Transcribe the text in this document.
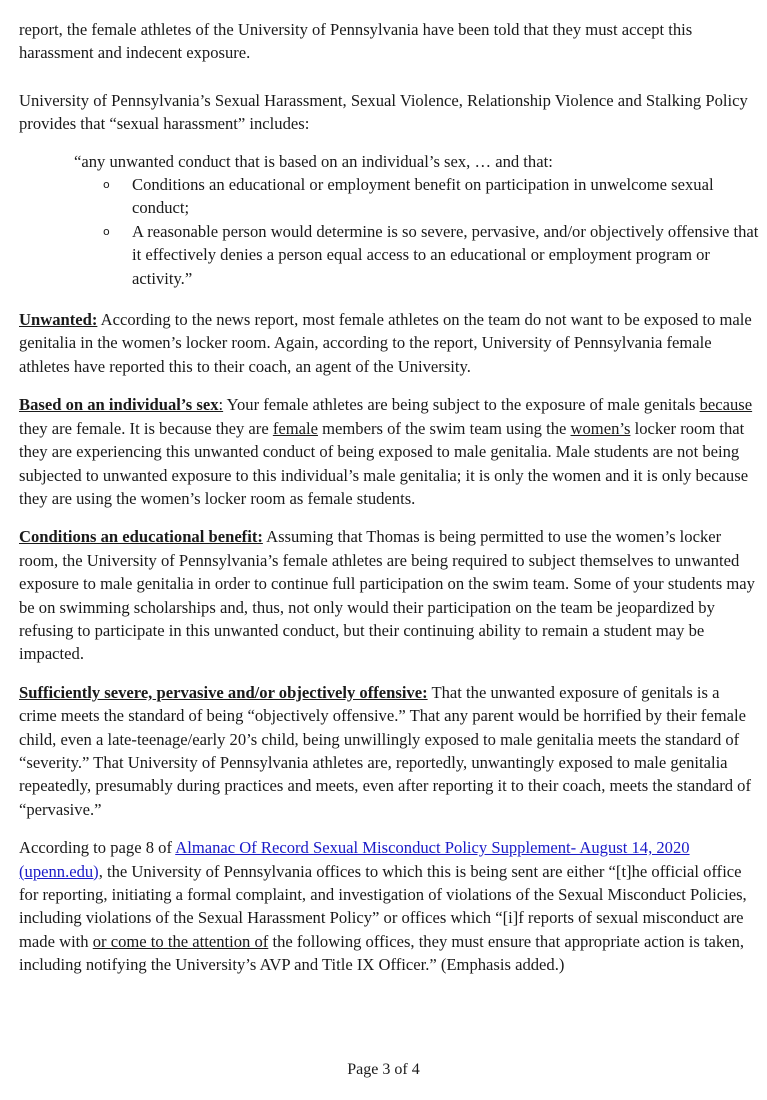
report, the female athletes of the University of Pennsylvania have been told that they must accept this harassment and indecent exposure.

University of Pennsylvania’s Sexual Harassment, Sexual Violence, Relationship Violence and Stalking Policy provides that “sexual harassment” includes:

“any unwanted conduct that is based on an individual’s sex, … and that:

o Conditions an educational or employment benefit on participation in unwelcome sexual conduct;
o A reasonable person would determine is so severe, pervasive, and/or objectively offensive that it effectively denies a person equal access to an educational or employment program or activity.”

Unwanted: According to the news report, most female athletes on the team do not want to be exposed to male genitalia in the women’s locker room. Again, according to the report, University of Pennsylvania female athletes have reported this to their coach, an agent of the University.

Based on an individual’s sex: Your female athletes are being subject to the exposure of male genitals because they are female. It is because they are female members of the swim team using the women’s locker room that they are experiencing this unwanted conduct of being exposed to male genitalia. Male students are not being subjected to unwanted exposure to this individual’s male genitalia; it is only the women and it is only because they are using the women’s locker room as female students.

Conditions an educational benefit: Assuming that Thomas is being permitted to use the women’s locker room, the University of Pennsylvania’s female athletes are being required to subject themselves to unwanted exposure to male genitalia in order to continue full participation on the swim team. Some of your students may be on swimming scholarships and, thus, not only would their participation on the team be jeopardized by refusing to participate in this unwanted conduct, but their continuing ability to remain a student may be impacted.

Sufficiently severe, pervasive and/or objectively offensive: That the unwanted exposure of genitals is a crime meets the standard of being “objectively offensive.” That any parent would be horrified by their female child, even a late-teenage/early 20’s child, being unwillingly exposed to male genitalia meets the standard of “severity.” That University of Pennsylvania athletes are, reportedly, unwantingly exposed to male genitalia repeatedly, presumably during practices and meets, even after reporting it to their coach, meets the standard of “pervasive.”

According to page 8 of Almanac Of Record Sexual Misconduct Policy Supplement- August 14, 2020 (upenn.edu), the University of Pennsylvania offices to which this is being sent are either “[t]he official office for reporting, initiating a formal complaint, and investigation of violations of the Sexual Misconduct Policies, including violations of the Sexual Harassment Policy” or offices which “[i]f reports of sexual misconduct are made with or come to the attention of the following offices, they must ensure that appropriate action is taken, including notifying the University’s AVP and Title IX Officer.” (Emphasis added.)

Page 3 of 4
